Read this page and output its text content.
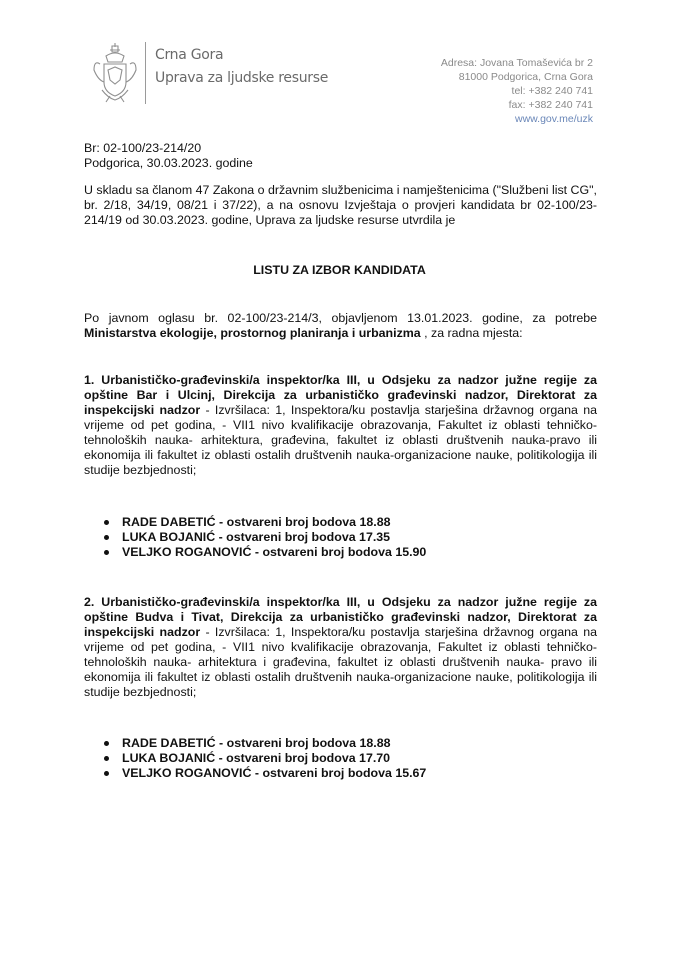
Crna Gora
Uprava za ljudske resurse
Adresa: Jovana Tomaševića br 2
81000 Podgorica, Crna Gora
tel: +382 240 741
fax: +382 240 741
www.gov.me/uzk
Br: 02-100/23-214/20
Podgorica, 30.03.2023. godine
U skladu sa članom 47 Zakona o državnim službenicima i namještenicima ("Službeni list CG", br. 2/18, 34/19, 08/21 i 37/22), a na osnovu Izvještaja o provjeri kandidata br 02-100/23-214/19 od 30.03.2023. godine, Uprava za ljudske resurse utvrdila je
LISTU ZA IZBOR KANDIDATA
Po javnom oglasu br. 02-100/23-214/3, objavljenom 13.01.2023. godine, za potrebe Ministarstva ekologije, prostornog planiranja i urbanizma , za radna mjesta:
1. Urbanističko-građevinski/a inspektor/ka III, u Odsjeku za nadzor južne regije za opštine Bar i Ulcinj, Direkcija za urbanističko građevinski nadzor, Direktorat za inspekcijski nadzor - Izvršilaca: 1, Inspektora/ku postavlja starješina državnog organa na vrijeme od pet godina, - VII1 nivo kvalifikacije obrazovanja, Fakultet iz oblasti tehničko-tehnoloških nauka- arhitektura, građevina, fakultet iz oblasti društvenih nauka-pravo ili ekonomija ili fakultet iz oblasti ostalih društvenih nauka-organizacione nauke, politikologija ili studije bezbjednosti;
RADE DABETIĆ - ostvareni broj bodova 18.88
LUKA BOJANIĆ - ostvareni broj bodova 17.35
VELJKO ROGANOVIĆ - ostvareni broj bodova 15.90
2. Urbanističko-građevinski/a inspektor/ka III, u Odsjeku za nadzor južne regije za opštine Budva i Tivat, Direkcija za urbanističko građevinski nadzor, Direktorat za inspekcijski nadzor - Izvršilaca: 1, Inspektora/ku postavlja starješina državnog organa na vrijeme od pet godina, - VII1 nivo kvalifikacije obrazovanja, Fakultet iz oblasti tehničko-tehnoloških nauka- arhitektura i građevina, fakultet iz oblasti društvenih nauka- pravo ili ekonomija ili fakultet iz oblasti ostalih društvenih nauka-organizacione nauke, politikologija ili studije bezbjednosti;
RADE DABETIĆ - ostvareni broj bodova 18.88
LUKA BOJANIĆ - ostvareni broj bodova 17.70
VELJKO ROGANOVIĆ - ostvareni broj bodova 15.67
